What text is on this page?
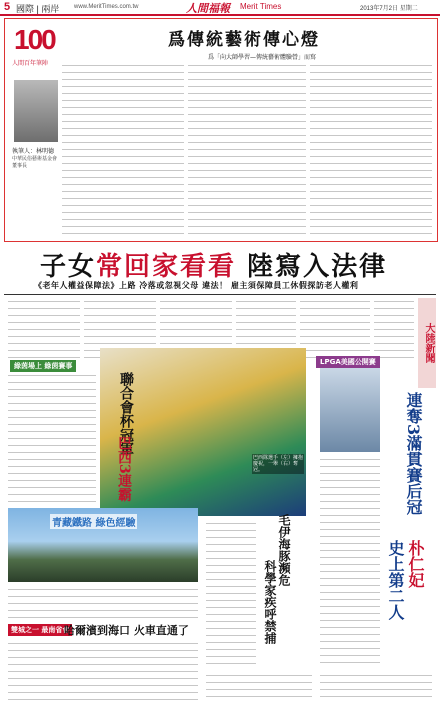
5 國際 | 兩岸 www.MeritTimes.com.tw	人間福報 Merit Times	2013年7月2日 星期二
100
人間百年筆陣
執筆人：林明德
中華民俗藝術基金會董事長
爲傳統藝術傳心燈
爲「向大師學習—傳統藝術體驗營」而寫
子女常回家看看 陸寫入法律
《老年人權益保障法》上路 冷落或忽視父母 違法！ 雇主須保障員工休假探訪老人權利
大陸新聞
綠茵場上 綠茵賽事
聯合會杯冠軍
巴西3連霸	巴西隊選手（左）擁抱慶祝，一舉（右）奪冠。
LPGA美國公開賽
連奪3滿貫賽后冠
朴仁妃
史上第二人
毛伊海豚瀕危
科學家疾呼禁捕
青藏鐵路 綠色經驗
雙城之一 最南省會
哈爾濱到海口 火車直通了
